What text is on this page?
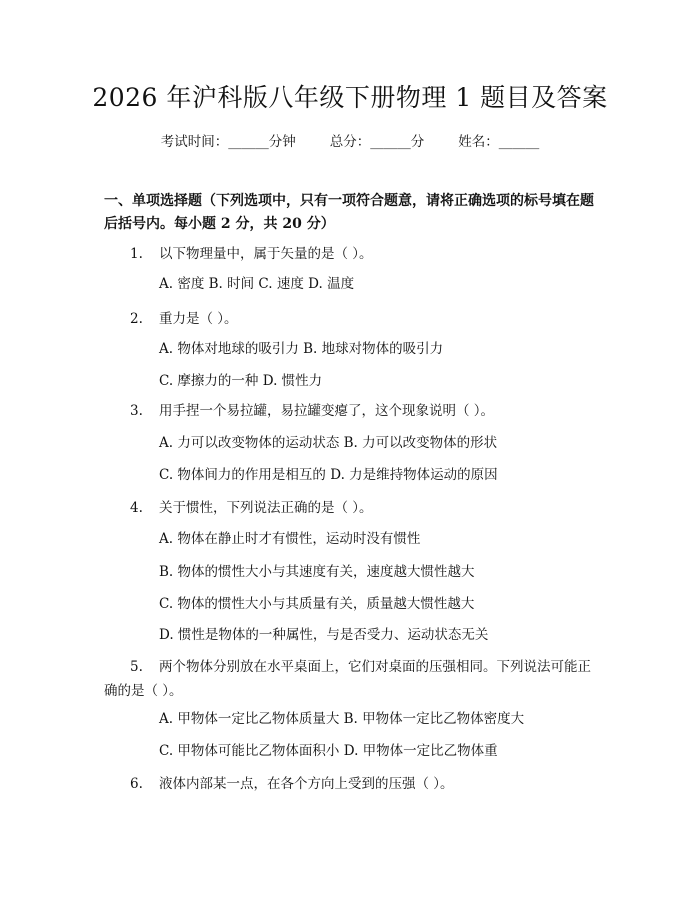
2026 年沪科版八年级下册物理 1 题目及答案
考试时间：______分钟	总分：______分	姓名：______
一、单项选择题（下列选项中，只有一项符合题意，请将正确选项的标号填在题后括号内。每小题 2 分，共 20 分）
1. 以下物理量中，属于矢量的是（ ）。
A. 密度 B. 时间 C. 速度 D. 温度
2. 重力是（ ）。
A. 物体对地球的吸引力 B. 地球对物体的吸引力
C. 摩擦力的一种 D. 惯性力
3. 用手捏一个易拉罐，易拉罐变瘪了，这个现象说明（ ）。
A. 力可以改变物体的运动状态 B. 力可以改变物体的形状
C. 物体间力的作用是相互的 D. 力是维持物体运动的原因
4. 关于惯性，下列说法正确的是（ ）。
A. 物体在静止时才有惯性，运动时没有惯性
B. 物体的惯性大小与其速度有关，速度越大惯性越大
C. 物体的惯性大小与其质量有关，质量越大惯性越大
D. 惯性是物体的一种属性，与是否受力、运动状态无关
5. 两个物体分别放在水平桌面上，它们对桌面的压强相同。下列说法可能正确的是（ ）。
A. 甲物体一定比乙物体质量大 B. 甲物体一定比乙物体密度大
C. 甲物体可能比乙物体面积小 D. 甲物体一定比乙物体重
6. 液体内部某一点，在各个方向上受到的压强（ ）。
